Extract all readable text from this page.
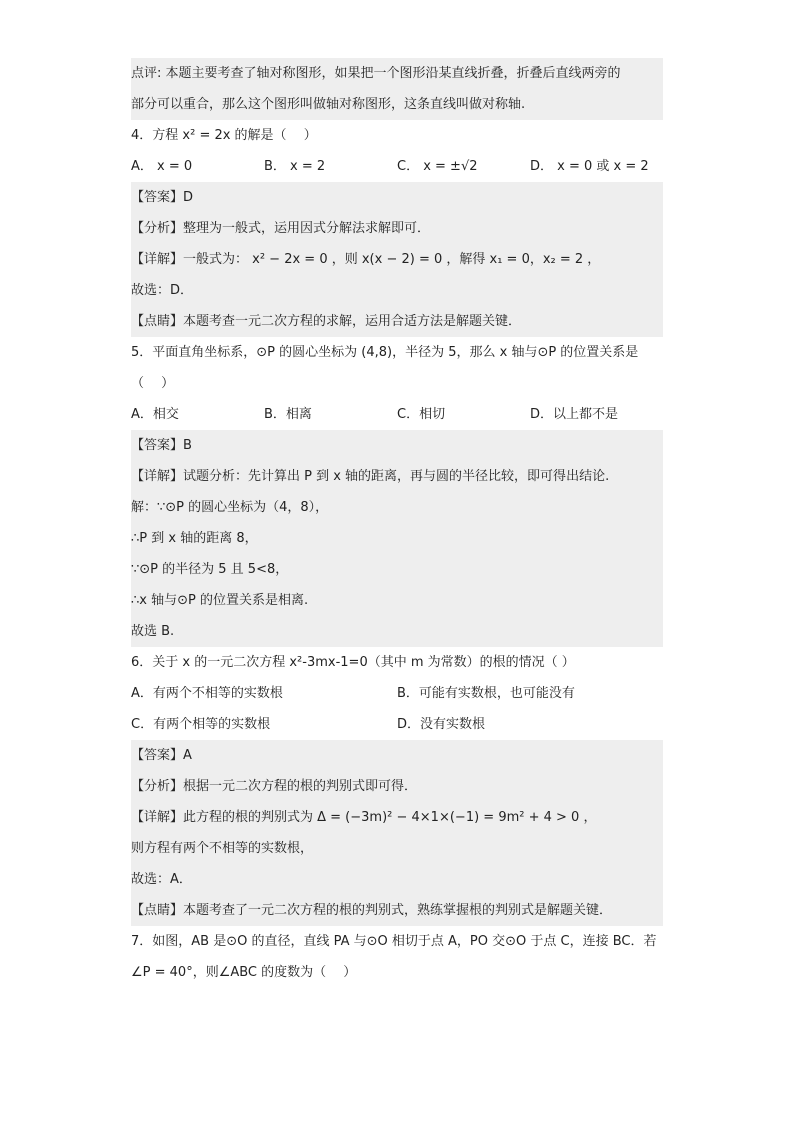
点评: 本题主要考查了轴对称图形，如果把一个图形沿某直线折叠，折叠后直线两旁的
部分可以重合，那么这个图形叫做轴对称图形，这条直线叫做对称轴.
4．方程 x² = 2x 的解是（　 ）
A． x = 0	B． x = 2	C． x = ±√2	D． x = 0 或 x = 2
【答案】D
【分析】整理为一般式，运用因式分解法求解即可．
【详解】一般式为： x² − 2x = 0 ，则 x(x − 2) = 0 ，解得 x₁ = 0，x₂ = 2 ，
故选：D．
【点睛】本题考查一元二次方程的求解，运用合适方法是解题关键．
5．平面直角坐标系，⊙P 的圆心坐标为 (4,8)，半径为 5，那么 x 轴与⊙P 的位置关系是
（　 ）
A．相交	B．相离	C．相切	D．以上都不是
【答案】B
【详解】试题分析：先计算出 P 到 x 轴的距离，再与圆的半径比较，即可得出结论.
解：∵⊙P 的圆心坐标为（4，8），
∴P 到 x 轴的距离 8，
∵⊙P 的半径为 5 且 5<8，
∴x 轴与⊙P 的位置关系是相离.
故选 B.
6．关于 x 的一元二次方程 x²-3mx-1=0（其中 m 为常数）的根的情况（ ）
A．有两个不相等的实数根	B．可能有实数根，也可能没有
C．有两个相等的实数根	D．没有实数根
【答案】A
【分析】根据一元二次方程的根的判别式即可得．
【详解】此方程的根的判别式为 Δ = (−3m)² − 4×1×(−1) = 9m² + 4 > 0 ，
则方程有两个不相等的实数根，
故选：A．
【点睛】本题考查了一元二次方程的根的判别式，熟练掌握根的判别式是解题关键．
7．如图，AB 是⊙O 的直径，直线 PA 与⊙O 相切于点 A，PO 交⊙O 于点 C，连接 BC．若
∠P = 40°，则∠ABC 的度数为（　 ）
